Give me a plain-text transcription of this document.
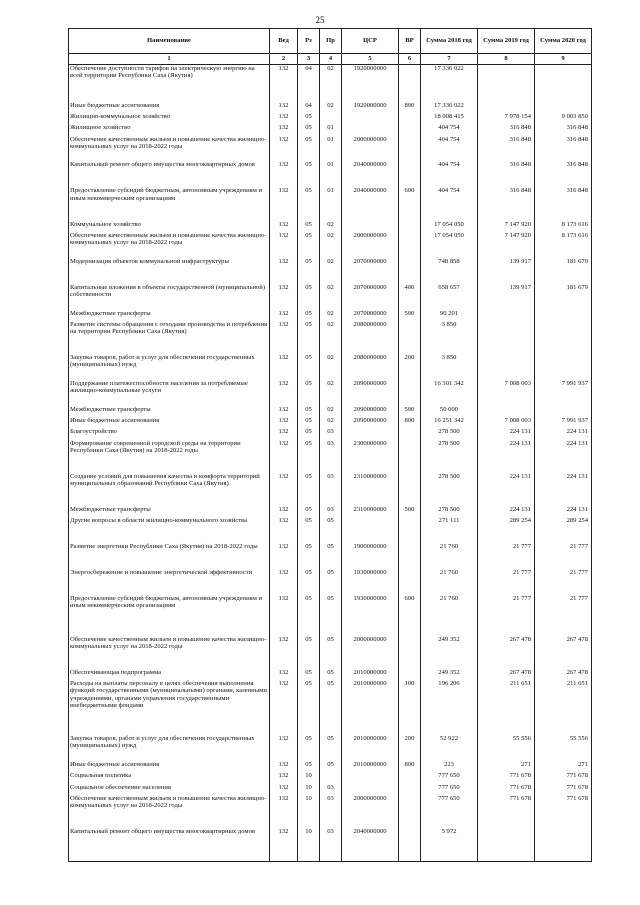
25
Наименование	Вед	Рз	Пр	ЦСР	ВР	Сумма 2018 год	Сумма 2019 год	Сумма 2020 год
1	2	3	4	5	6	7	8	9
Обеспечение доступности тарифов на электрическую энергию на всей территории Республики Саха (Якутия)	132	04	02	1920000000		17 336 022		

Иные бюджетные ассигнования	132	04	02	1920000000	800	17 336 022		
Жилищно-коммунальное хозяйство	132	05				18 008 415	7 978 154	9 003 850
Жилищное хозяйство	132	05	01			404 754	316 848	316 848
Обеспечение качественным жильем и повышение качества жилищно-коммунальных услуг на 2018-2022 годы	132	05	01	2000000000		404 754	316 848	316 848
Капитальный ремонт общего имущества многоквартирных домов	132	05	01	2040000000		404 754	316 848	316 848
Предоставление субсидий бюджетным, автономным учреждениям и иным некоммерческим организациям	132	05	01	2040000000	600	404 754	316 848	316 848
Коммунальное хозяйство	132	05	02			17 054 050	7 147 920	8 173 616
Обеспечение качественным жильем и повышение качества жилищно-коммунальных услуг на 2018-2022 годы	132	05	02	2000000000		17 054 050	7 147 920	8 173 616
Модернизация объектов коммунальной инфраструктуры	132	05	02	2070000000		748 858	139 917	181 679
Капитальные вложения в объекты государственной (муниципальной) собственности	132	05	02	2070000000	400	658 657	139 917	181 679
Межбюджетные трансферты	132	05	02	2070000000	500	90 201		
Развитие системы обращения с отходами производства и потребления на территории Республики Саха (Якутия)	132	05	02	2080000000		3 850		
Закупка товаров, работ и услуг для обеспечения государственных (муниципальных) нужд	132	05	02	2080000000	200	3 850		
Поддержание платежеспособности населения за потребляемые жилищно-коммунальные услуги	132	05	02	2090000000		16 301 342	7 008 003	7 991 937
Межбюджетные трансферты	132	05	02	2090000000	500	50 000		
Иные бюджетные ассигнования	132	05	02	2090000000	800	16 251 342	7 008 003	7 991 937
Благоустройство	132	05	03			278 500	224 131	224 131
Формирование современной городской среды на территории Республики Саха (Якутия) на 2018-2022 годы	132	05	03	2300000000		278 500	224 131	224 131
Создание условий для повышения качества и комфорта территорий муниципальных образований Республики Саха (Якутия)	132	05	03	2310000000		278 500	224 131	224 131
Межбюджетные трансферты	132	05	03	2310000000	500	278 500	224 131	224 131
Другие вопросы в области жилищно-коммунального хозяйства	132	05	05			271 111	289 254	289 254
Развитие энергетики Республики Саха (Якутия) на 2018-2022 годы	132	05	05	1900000000		21 760	21 777	21 777
Энергосбережение и повышение энергетической эффективности	132	05	05	1930000000		21 760	21 777	21 777
Предоставление субсидий бюджетным, автономным учреждениям и иным некоммерческим организациям	132	05	05	1930000000	600	21 760	21 777	21 777
Обеспечение качественным жильем и повышение качества жилищно-коммунальных услуг на 2018-2022 годы	132	05	05	2000000000		249 352	267 478	267 478
Обеспечивающая подпрограмма	132	05	05	2010000000		249 352	267 478	267 478
Расходы на выплаты персоналу в целях обеспечения выполнения функций государственными (муниципальными) органами, казенными учреждениями, органами управления государственными внебюджетными фондами	132	05	05	2010000000	100	196 206	211 651	211 651
Закупка товаров, работ и услуг для обеспечения государственных (муниципальных) нужд	132	05	05	2010000000	200	52 922	55 556	55 556
Иные бюджетные ассигнования	132	05	05	2010000000	800	223	271	271
Социальная политика	132	10				777 650	771 678	771 678
Социальное обеспечение населения	132	10	03			777 650	771 678	771 678
Обеспечение качественным жильем и повышение качества жилищно-коммунальных услуг на 2018-2022 годы	132	10	03	2000000000		777 650	771 678	771 678
Капитальный ремонт общего имущества многоквартирных домов	132	10	03	2040000000		5 972		
